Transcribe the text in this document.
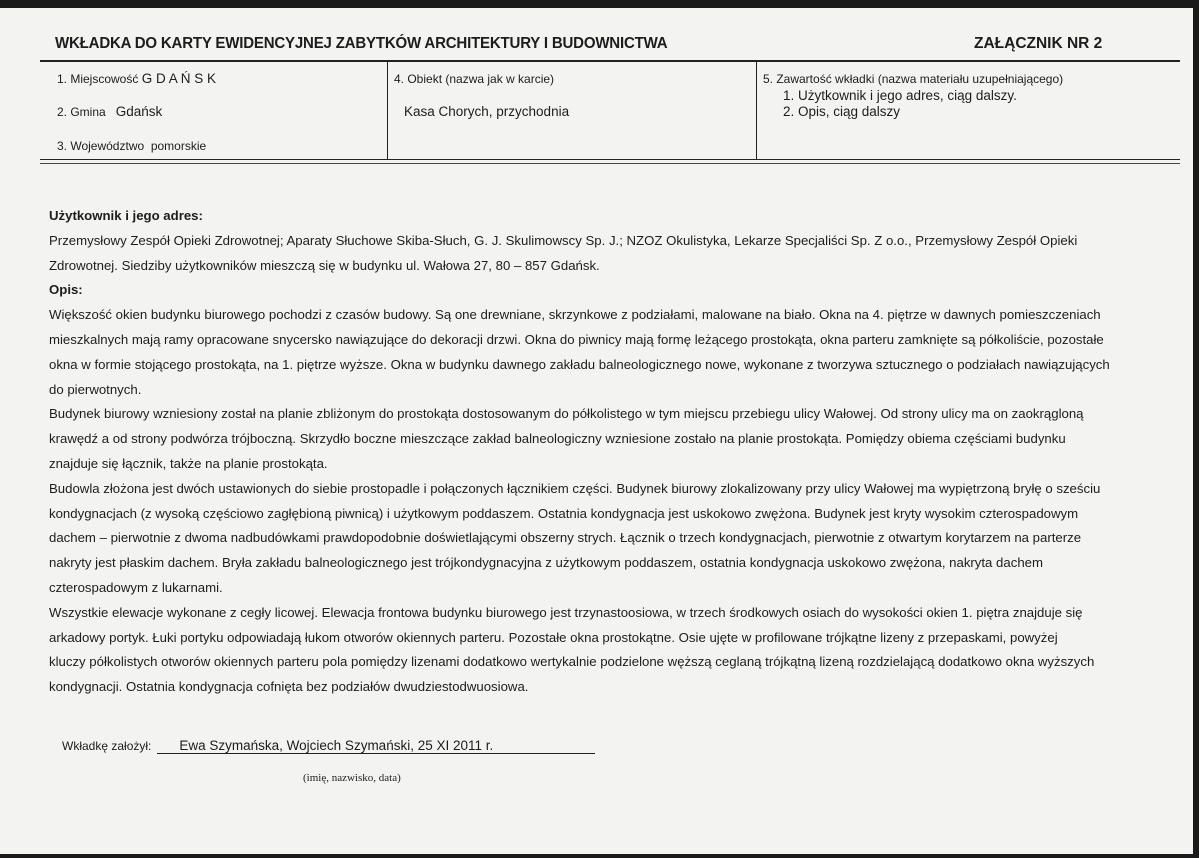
WKŁADKA DO KARTY EWIDENCYJNEJ ZABYTKÓW ARCHITEKTURY I BUDOWNICTWA	ZAŁĄCZNIK NR 2
1. Miejscowość G D A Ń S K
2. Gmina Gdańsk
3. Województwo pomorskie
4. Obiekt (nazwa jak w karcie)
Kasa Chorych, przychodnia
5. Zawartość wkładki (nazwa materiału uzupełniającego)
1. Użytkownik i jego adres, ciąg dalszy.
2. Opis, ciąg dalszy
Użytkownik i jego adres:
Przemysłowy Zespół Opieki Zdrowotnej; Aparaty Słuchowe Skiba-Słuch, G. J. Skulimowscy Sp. J.; NZOZ Okulistyka, Lekarze Specjaliści Sp. Z o.o., Przemysłowy Zespół Opieki
Zdrowotnej. Siedziby użytkowników mieszczą się w budynku ul. Wałowa 27, 80 – 857 Gdańsk.
Opis:
Większość okien budynku biurowego pochodzi z czasów budowy. Są one drewniane, skrzynkowe z podziałami, malowane na biało. Okna na 4. piętrze w dawnych pomieszczeniach
mieszkalnych mają ramy opracowane snycersko nawiązujące do dekoracji drzwi. Okna do piwnicy mają formę leżącego prostokąta, okna parteru zamknięte są półkoliście, pozostałe
okna w formie stojącego prostokąta, na 1. piętrze wyższe. Okna w budynku dawnego zakładu balneologicznego nowe, wykonane z tworzywa sztucznego o podziałach nawiązujących
do pierwotnych.
Budynek biurowy wzniesiony został na planie zbliżonym do prostokąta dostosowanym do półkolistego w tym miejscu przebiegu ulicy Wałowej. Od strony ulicy ma on zaokrągloną
krawędź a od strony podwórza trójboczną. Skrzydło boczne mieszczące zakład balneologiczny wzniesione zostało na planie prostokąta. Pomiędzy obiema częściami budynku
znajduje się łącznik, także na planie prostokąta.
Budowla złożona jest dwóch ustawionych do siebie prostopadle i połączonych łącznikiem części. Budynek biurowy zlokalizowany przy ulicy Wałowej ma wypiętrzoną bryłę o sześciu
kondygnacjach (z wysoką częściowo zagłębioną piwnicą) i użytkowym poddaszem. Ostatnia kondygnacja jest uskokowo zwężona. Budynek jest kryty wysokim czterospadowym
dachem – pierwotnie z dwoma nadbudówkami prawdopodobnie doświetlającymi obszerny strych. Łącznik o trzech kondygnacjach, pierwotnie z otwartym korytarzem na parterze
nakryty jest płaskim dachem. Bryła zakładu balneologicznego jest trójkondygnacyjna z użytkowym poddaszem, ostatnia kondygnacja uskokowo zwężona, nakryta dachem
czterospadowym z lukarnami.
Wszystkie elewacje wykonane z cegły licowej. Elewacja frontowa budynku biurowego jest trzynastoosiowa, w trzech środkowych osiach do wysokości okien 1. piętra znajduje się
arkadowy portyk. Łuki portyku odpowiadają łukom otworów okiennych parteru. Pozostałe okna prostokątne. Osie ujęte w profilowane trójkątne lizeny z przepaskami, powyżej
kluczy półkolistych otworów okiennych parteru pola pomiędzy lizenami dodatkowo wertykalnie podzielone węższą ceglaną trójkątną lizeną rozdzielającą dodatkowo okna wyższych
kondygnacji. Ostatnia kondygnacja cofnięta bez podziałów dwudziestodwuosiowa.
Wkładkę założył: Ewa Szymańska, Wojciech Szymański, 25 XI 2011 r.
(imię, nazwisko, data)
